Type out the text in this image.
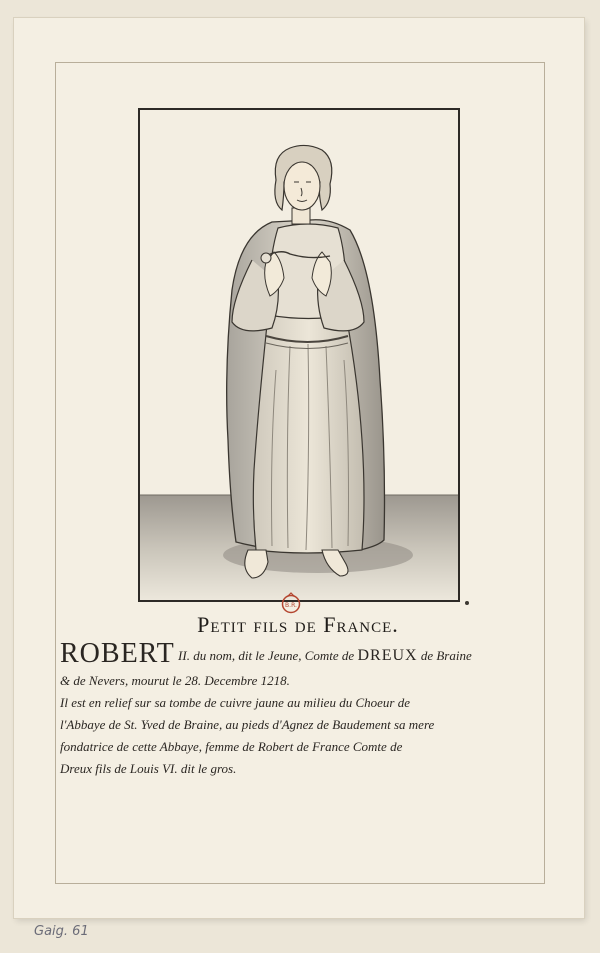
B.R.
Petit fils de France.
ROBERT II. du nom, dit le Jeune, Comte de DREUX de Braine
& de Nevers, mourut le 28. Decembre 1218.
Il est en relief sur sa tombe de cuivre jaune au milieu du Choeur de
l'Abbaye de St. Yved de Braine, au pieds d'Agnez de Baudement sa mere
fondatrice de cette Abbaye, femme de Robert de France Comte de
Dreux fils de Louis VI. dit le gros.
Gaig. 61
